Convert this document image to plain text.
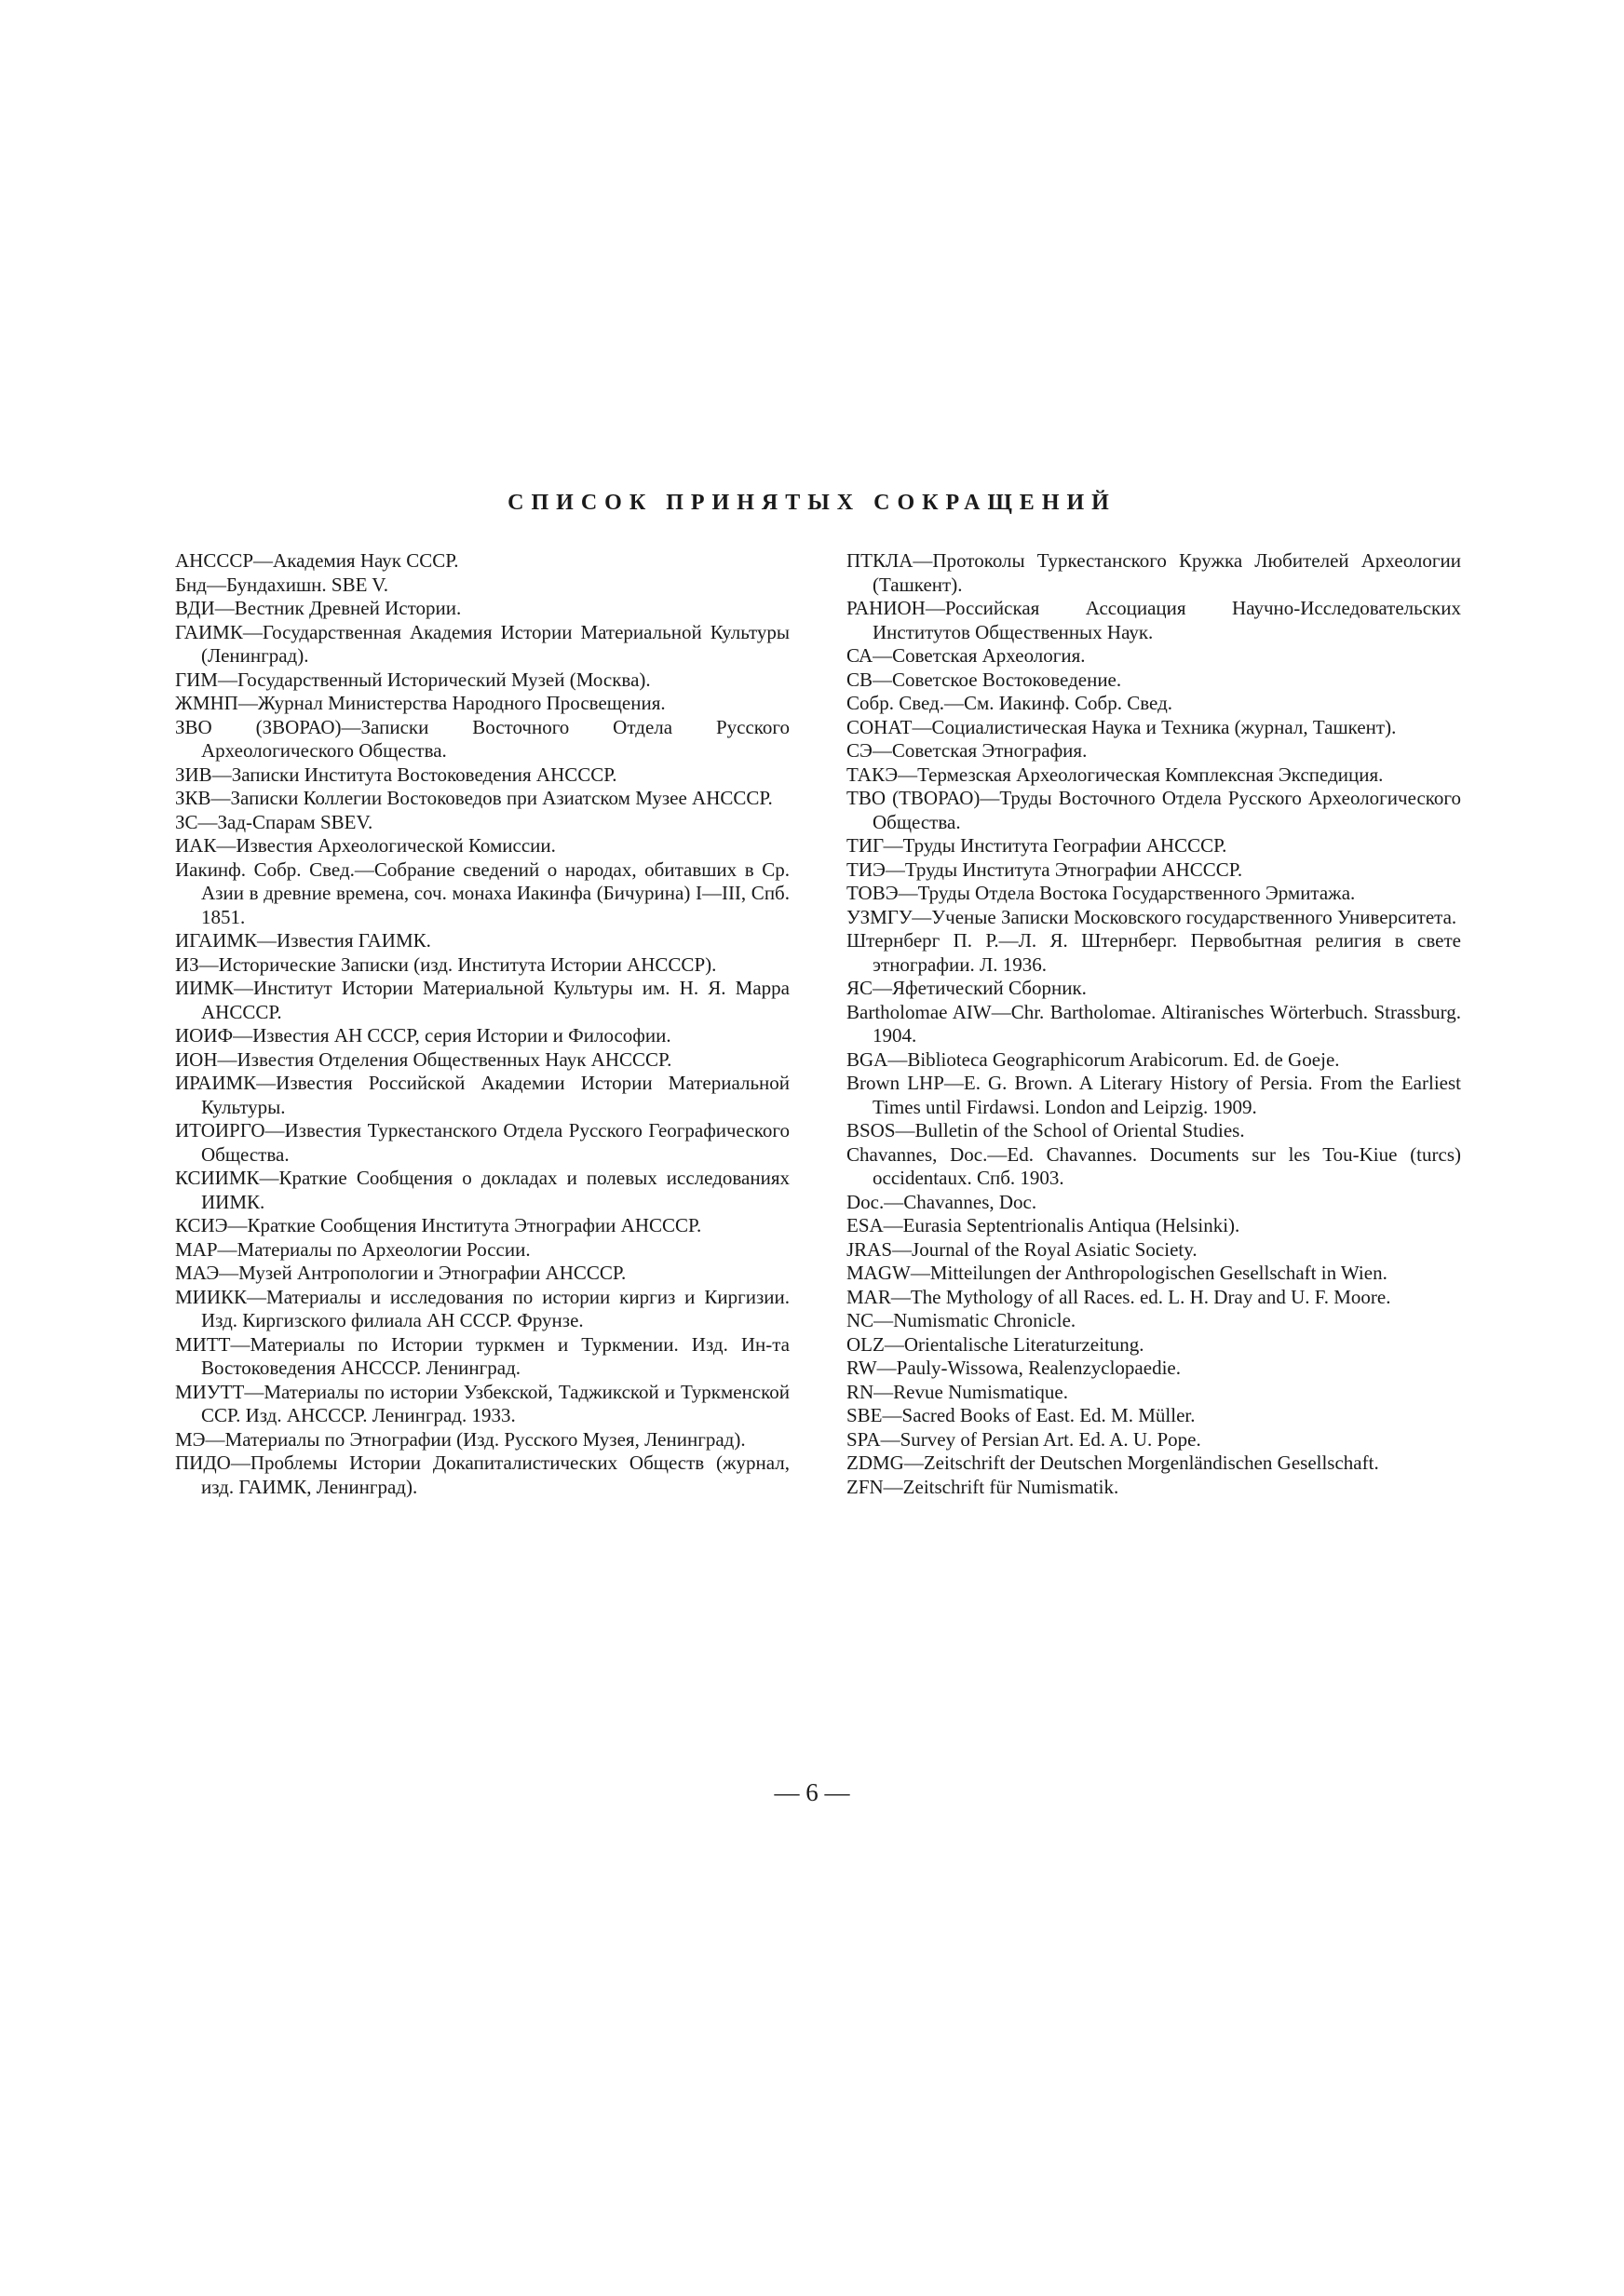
СПИСОК ПРИНЯТЫХ СОКРАЩЕНИЙ

АНСССР—Академия Наук СССР.

Бнд—Бундахишн. SBE V.

ВДИ—Вестник Древней Истории.

ГАИМК—Государственная Академия Истории Материальной Культуры (Ленинград).

ГИМ—Государственный Исторический Музей (Москва).

ЖМНП—Журнал Министерства Народного Просвещения.

ЗВО (ЗВОРАО)—Записки Восточного Отдела Русского Археологического Общества.

ЗИВ—Записки Института Востоковедения АНСССР.

ЗКВ—Записки Коллегии Востоковедов при Азиатском Музее АНСССР.

ЗС—Зад-Спарам SBEV.

ИАК—Известия Археологической Комиссии.

Иакинф. Собр. Свед.—Собрание сведений о народах, обитавших в Ср. Азии в древние времена, соч. монаха Иакинфа (Бичурина) I—III, Спб. 1851.

ИГАИМК—Известия ГАИМК.

ИЗ—Исторические Записки (изд. Института Истории АНСССР).

ИИМК—Институт Истории Материальной Культуры им. Н. Я. Марра АНСССР.

ИОИФ—Известия АН СССР, серия Истории и Философии.

ИОН—Известия Отделения Общественных Наук АНСССР.

ИРАИМК—Известия Российской Академии Истории Материальной Культуры.

ИТОИРГО—Известия Туркестанского Отдела Русского Географического Общества.

КСИИМК—Краткие Сообщения о докладах и полевых исследованиях ИИМК.

КСИЭ—Краткие Сообщения Института Этнографии АНСССР.

МАР—Материалы по Археологии России.

МАЭ—Музей Антропологии и Этнографии АНСССР.

МИИКК—Материалы и исследования по истории киргиз и Киргизии. Изд. Киргизского филиала АН СССР. Фрунзе.

МИТТ—Материалы по Истории туркмен и Туркмении. Изд. Ин-та Востоковедения АНСССР. Ленинград.

МИУТТ—Материалы по истории Узбекской, Таджикской и Туркменской ССР. Изд. АНСССР. Ленинград. 1933.

МЭ—Материалы по Этнографии (Изд. Русского Музея, Ленинград).

ПИДО—Проблемы Истории Докапиталистических Обществ (журнал, изд. ГАИМК, Ленинград).

ПТКЛА—Протоколы Туркестанского Кружка Любителей Археологии (Ташкент).

РАНИОН—Российская Ассоциация Научно-Исследовательских Институтов Общественных Наук.

СА—Советская Археология.

СВ—Советское Востоковедение.

Собр. Свед.—См. Иакинф. Собр. Свед.

СОНАТ—Социалистическая Наука и Техника (журнал, Ташкент).

СЭ—Советская Этнография.

ТАКЭ—Термезская Археологическая Комплексная Экспедиция.

ТВО (ТВОРАО)—Труды Восточного Отдела Русского Археологического Общества.

ТИГ—Труды Института Географии АНСССР.

ТИЭ—Труды Института Этнографии АНСССР.

ТОВЭ—Труды Отдела Востока Государственного Эрмитажа.

УЗМГУ—Ученые Записки Московского государственного Университета.

Штернберг П. Р.—Л. Я. Штернберг. Первобытная религия в свете этнографии. Л. 1936.

ЯС—Яфетический Сборник.

Bartholomae AIW—Chr. Bartholomae. Altiranisches Wörterbuch. Strassburg. 1904.

BGA—Biblioteca Geographicorum Arabicorum. Ed. de Goeje.

Brown LHP—E. G. Brown. A Literary History of Persia. From the Earliest Times until Firdawsi. London and Leipzig. 1909.

BSOS—Bulletin of the School of Oriental Studies.

Chavannes, Doc.—Ed. Chavannes. Documents sur les Tou-Kiue (turcs) occidentaux. Спб. 1903.

Doc.—Chavannes, Doc.

ESA—Eurasia Septentrionalis Antiqua (Helsinki).

JRAS—Journal of the Royal Asiatic Society.

MAGW—Mitteilungen der Anthropologischen Gesellschaft in Wien.

MAR—The Mythology of all Races. ed. L. H. Dray and U. F. Moore.

NC—Numismatic Chronicle.

OLZ—Orientalische Literaturzeitung.

RW—Pauly-Wissowa, Realenzyclopaedie.

RN—Revue Numismatique.

SBE—Sacred Books of East. Ed. M. Müller.

SPA—Survey of Persian Art. Ed. A. U. Pope.

ZDMG—Zeitschrift der Deutschen Morgenländischen Gesellschaft.

ZFN—Zeitschrift für Numismatik.

— 6 —
